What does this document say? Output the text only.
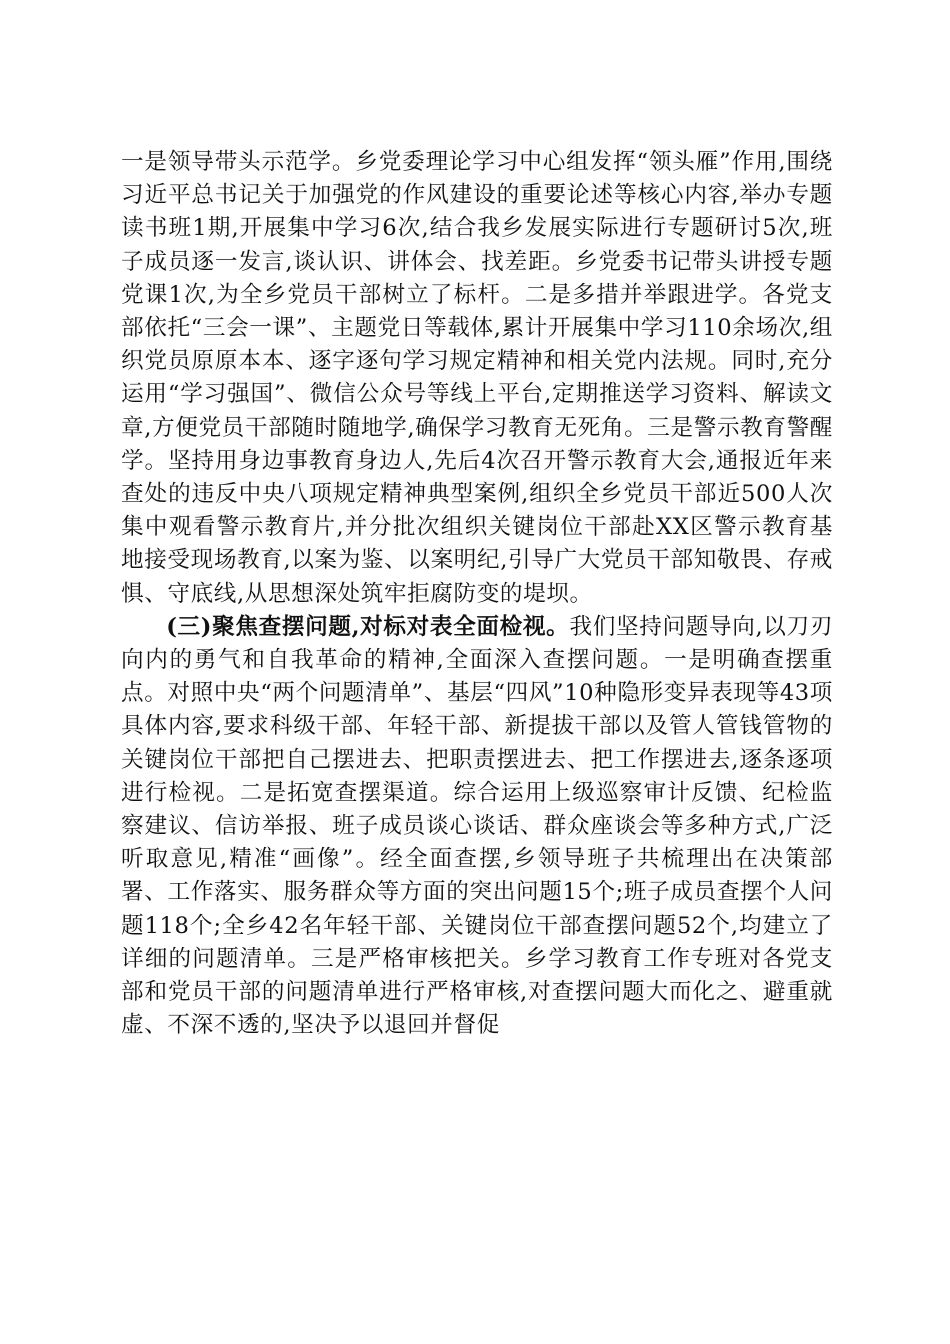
一是领导带头示范学。乡党委理论学习中心组发挥“领头雁”作用,围绕习近平总书记关于加强党的作风建设的重要论述等核心内容,举办专题读书班1期,开展集中学习6次,结合我乡发展实际进行专题研讨5次,班子成员逐一发言,谈认识、讲体会、找差距。乡党委书记带头讲授专题党课1次,为全乡党员干部树立了标杆。二是多措并举跟进学。各党支部依托“三会一课”、主题党日等载体,累计开展集中学习110余场次,组织党员原原本本、逐字逐句学习规定精神和相关党内法规。同时,充分运用“学习强国”、微信公众号等线上平台,定期推送学习资料、解读文章,方便党员干部随时随地学,确保学习教育无死角。三是警示教育警醒学。坚持用身边事教育身边人,先后4次召开警示教育大会,通报近年来查处的违反中央八项规定精神典型案例,组织全乡党员干部近500人次集中观看警示教育片,并分批次组织关键岗位干部赴XX区警示教育基地接受现场教育,以案为鉴、以案明纪,引导广大党员干部知敬畏、存戒惧、守底线,从思想深处筑牢拒腐防变的堤坝。

(三)聚焦查摆问题,对标对表全面检视。我们坚持问题导向,以刀刃向内的勇气和自我革命的精神,全面深入查摆问题。一是明确查摆重点。对照中央“两个问题清单”、基层“四风”10种隐形变异表现等43项具体内容,要求科级干部、年轻干部、新提拔干部以及管人管钱管物的关键岗位干部把自己摆进去、把职责摆进去、把工作摆进去,逐条逐项进行检视。二是拓宽查摆渠道。综合运用上级巡察审计反馈、纪检监察建议、信访举报、班子成员谈心谈话、群众座谈会等多种方式,广泛听取意见,精准“画像”。经全面查摆,乡领导班子共梳理出在决策部署、工作落实、服务群众等方面的突出问题15个;班子成员查摆个人问题118个;全乡42名年轻干部、关键岗位干部查摆问题52个,均建立了详细的问题清单。三是严格审核把关。乡学习教育工作专班对各党支部和党员干部的问题清单进行严格审核,对查摆问题大而化之、避重就虚、不深不透的,坚决予以退回并督促
